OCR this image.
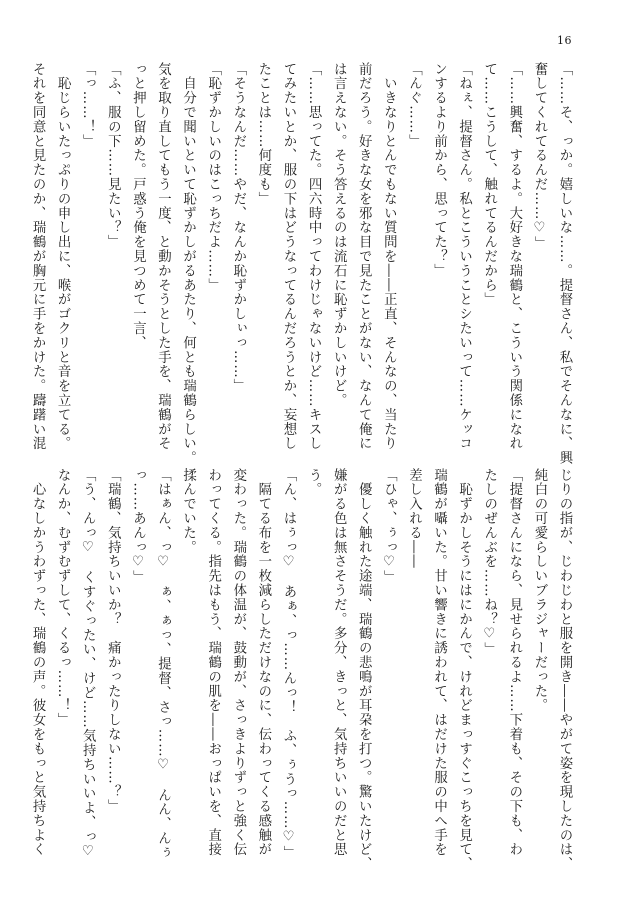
16
「……そ、っか。嬉しいな……。提督さん、私でそんなに、興
奮してくれてるんだ……♡」
「……興奮、するよ。大好きな瑞鶴と、こういう関係になれ
て……こうして、触れてるんだから」
「ねぇ、提督さん。私とこういうことシたいって……ケッコ
ンするより前から、思ってた？」
「んぐ……」
　いきなりとんでもない質問を――正直、そんなの、当たり
前だろう。好きな女を邪な目で見たことがない、なんて俺に
は言えない。そう答えるのは流石に恥ずかしいけど。
「……思ってた。四六時中ってわけじゃないけど……キスし
てみたいとか、服の下はどうなってるんだろうとか、妄想し
たことは……何度も」
「そうなんだ……やだ、なんか恥ずかしぃっ……」
「恥ずかしいのはこっちだよ……」
　自分で聞いといて恥ずかしがるあたり、何とも瑞鶴らしい。
気を取り直してもう一度、と動かそうとした手を、瑞鶴がそ
っと押し留めた。戸惑う俺を見つめて一言、
「ふ、服の下……見たい？」
「っ……！」
　恥じらいたっぷりの申し出に、喉がゴクリと音を立てる。
それを同意と見たのか、瑞鶴が胸元に手をかけた。躊躇い混
じりの指が、じわじわと服を開き――やがて姿を現したのは、
純白の可愛らしいブラジャーだった。
「提督さんになら、見せられるよ……下着も、その下も、わ
たしのぜんぶを……ね？♡」
　恥ずかしそうにはにかんで、けれどまっすぐこっちを見て、
瑞鶴が囁いた。甘い響きに誘われて、はだけた服の中へ手を
差し入れる――
「ひゃ、ぅっ♡」
　優しく触れた途端、瑞鶴の悲鳴が耳朶を打つ。驚いたけど、
嫌がる色は無さそうだ。多分、きっと、気持ちいいのだと思
う。
「ん、はぅっ♡　あぁ、っ……んっ！　ふ、ぅうっ……♡」
　隔てる布を一枚減らしただけなのに、伝わってくる感触が
変わった。瑞鶴の体温が、鼓動が、さっきよりずっと強く伝
わってくる。指先はもう、瑞鶴の肌を――おっぱいを、直接
揉んでいた。
「はぁん、っ♡　ぁ、ぁっ、提督、さっ……♡　んん、んぅ
っ……あんっ♡」
「瑞鶴、気持ちいいか？　痛かったりしない……？」
「う、んっ♡　くすぐったい、けど……気持ちいいよ、っ♡
なんか、むずむずして、くるっ……！」
　心なしかうわずった、瑞鶴の声。彼女をもっと気持ちよく
